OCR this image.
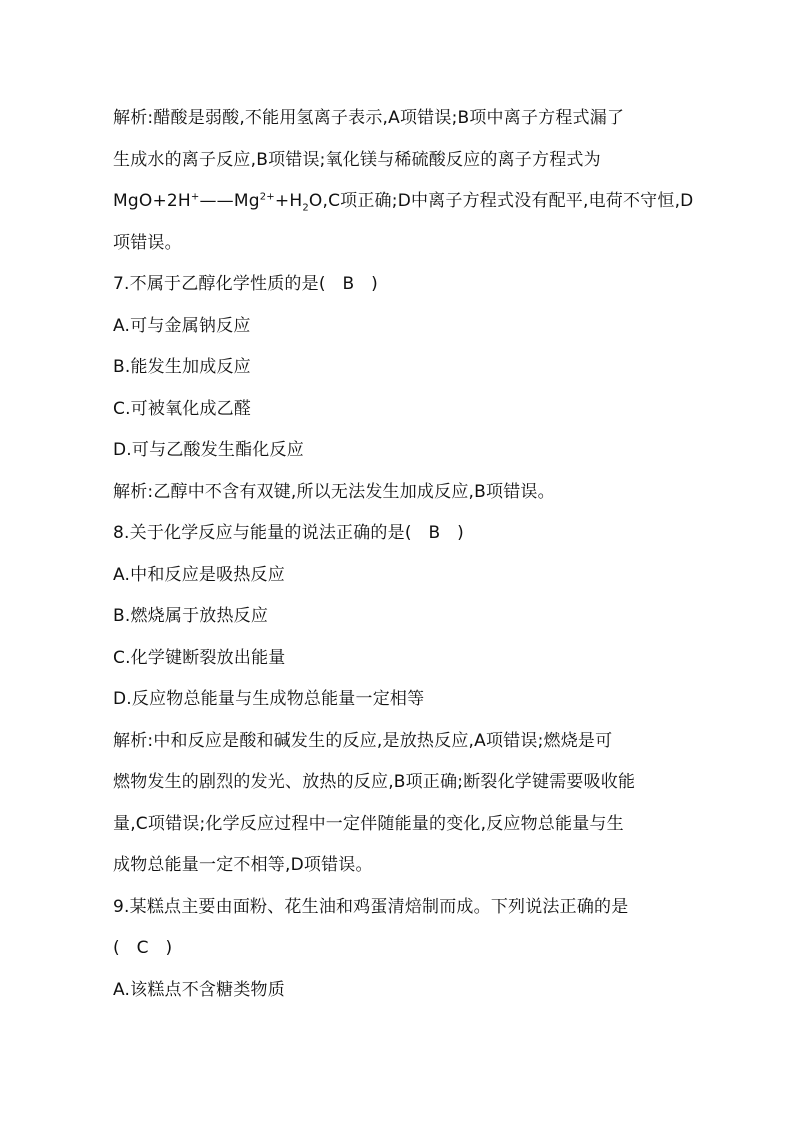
解析:醋酸是弱酸,不能用氢离子表示,A项错误;B项中离子方程式漏了
生成水的离子反应,B项错误;氧化镁与稀硫酸反应的离子方程式为
$MgO+2H^+——Mg^{2+}+H_2O,C$项正确;D中离子方程式没有配平,电荷不守恒,D
项错误。
7.不属于乙醇化学性质的是(   B   )
A.可与金属钠反应
B.能发生加成反应
C.可被氧化成乙醛
D.可与乙酸发生酯化反应
解析:乙醇中不含有双键,所以无法发生加成反应,B项错误。
8.关于化学反应与能量的说法正确的是(   B   )
A.中和反应是吸热反应
B.燃烧属于放热反应
C.化学键断裂放出能量
D.反应物总能量与生成物总能量一定相等
解析:中和反应是酸和碱发生的反应,是放热反应,A项错误;燃烧是可
燃物发生的剧烈的发光、放热的反应,B项正确;断裂化学键需要吸收能
量,C项错误;化学反应过程中一定伴随能量的变化,反应物总能量与生
成物总能量一定不相等,D项错误。
9.某糕点主要由面粉、花生油和鸡蛋清焙制而成。下列说法正确的是
(   C   )
A.该糕点不含糖类物质
